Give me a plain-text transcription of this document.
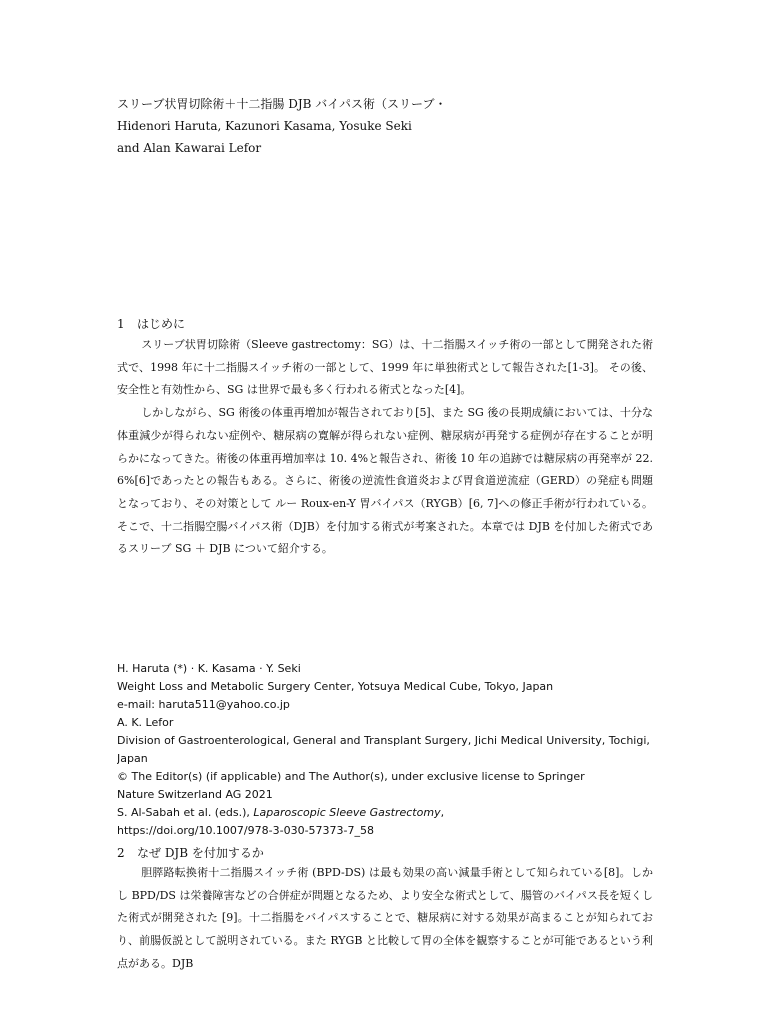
スリーブ状胃切除術＋十二指腸 DJB バイパス術（スリーブ・
Hidenori Haruta, Kazunori Kasama, Yosuke Seki
and Alan Kawarai Lefor
1 はじめに

スリーブ状胃切除術（Sleeve gastrectomy：SG）は、十二指腸スイッチ術の一部として開発された術式で、1998 年に十二指腸スイッチ術の一部として、1999 年に単独術式として報告された[1-3]。 その後、安全性と有効性から、SG は世界で最も多く行われる術式となった[4]。

しかしながら、SG 術後の体重再増加が報告されており[5]、また SG 後の長期成績においては、十分な体重減少が得られない症例や、糖尿病の寛解が得られない症例、糖尿病が再発する症例が存在することが明らかになってきた。術後の体重再増加率は 10. 4%と報告され、術後 10 年の追跡では糖尿病の再発率が 22.6%[6]であったとの報告もある。さらに、術後の逆流性食道炎および胃食道逆流症（GERD）の発症も問題となっており、その対策として ルー Roux-en-Y 胃バイパス（RYGB）[6, 7]への修正手術が行われている。そこで、十二指腸空腸バイパス術（DJB）を付加する術式が考案された。本章では DJB を付加した術式であるスリーブ SG ＋ DJB について紹介する。

H. Haruta (*) · K. Kasama · Y. Seki
Weight Loss and Metabolic Surgery Center, Yotsuya Medical Cube, Tokyo, Japan
e-mail: haruta511@yahoo.co.jp
A. K. Lefor
Division of Gastroenterological, General and Transplant Surgery, Jichi Medical University, Tochigi, Japan
© The Editor(s) (if applicable) and The Author(s), under exclusive license to Springer
Nature Switzerland AG 2021
S. Al-Sabah et al. (eds.), Laparoscopic Sleeve Gastrectomy,
https://doi.org/10.1007/978-3-030-57373-7_58
2 なぜ DJB を付加するか

胆膵路転換術十二指腸スイッチ術 (BPD-DS) は最も効果の高い減量手術として知られている[8]。しかし BPD/DS は栄養障害などの合併症が問題となるため、より安全な術式として、腸管のバイパス長を短くした術式が開発された [9]。十二指腸をバイパスすることで、糖尿病に対する効果が高まることが知られており、前腸仮説として説明されている。また RYGB と比較して胃の全体を観察することが可能であるという利点がある。DJB
